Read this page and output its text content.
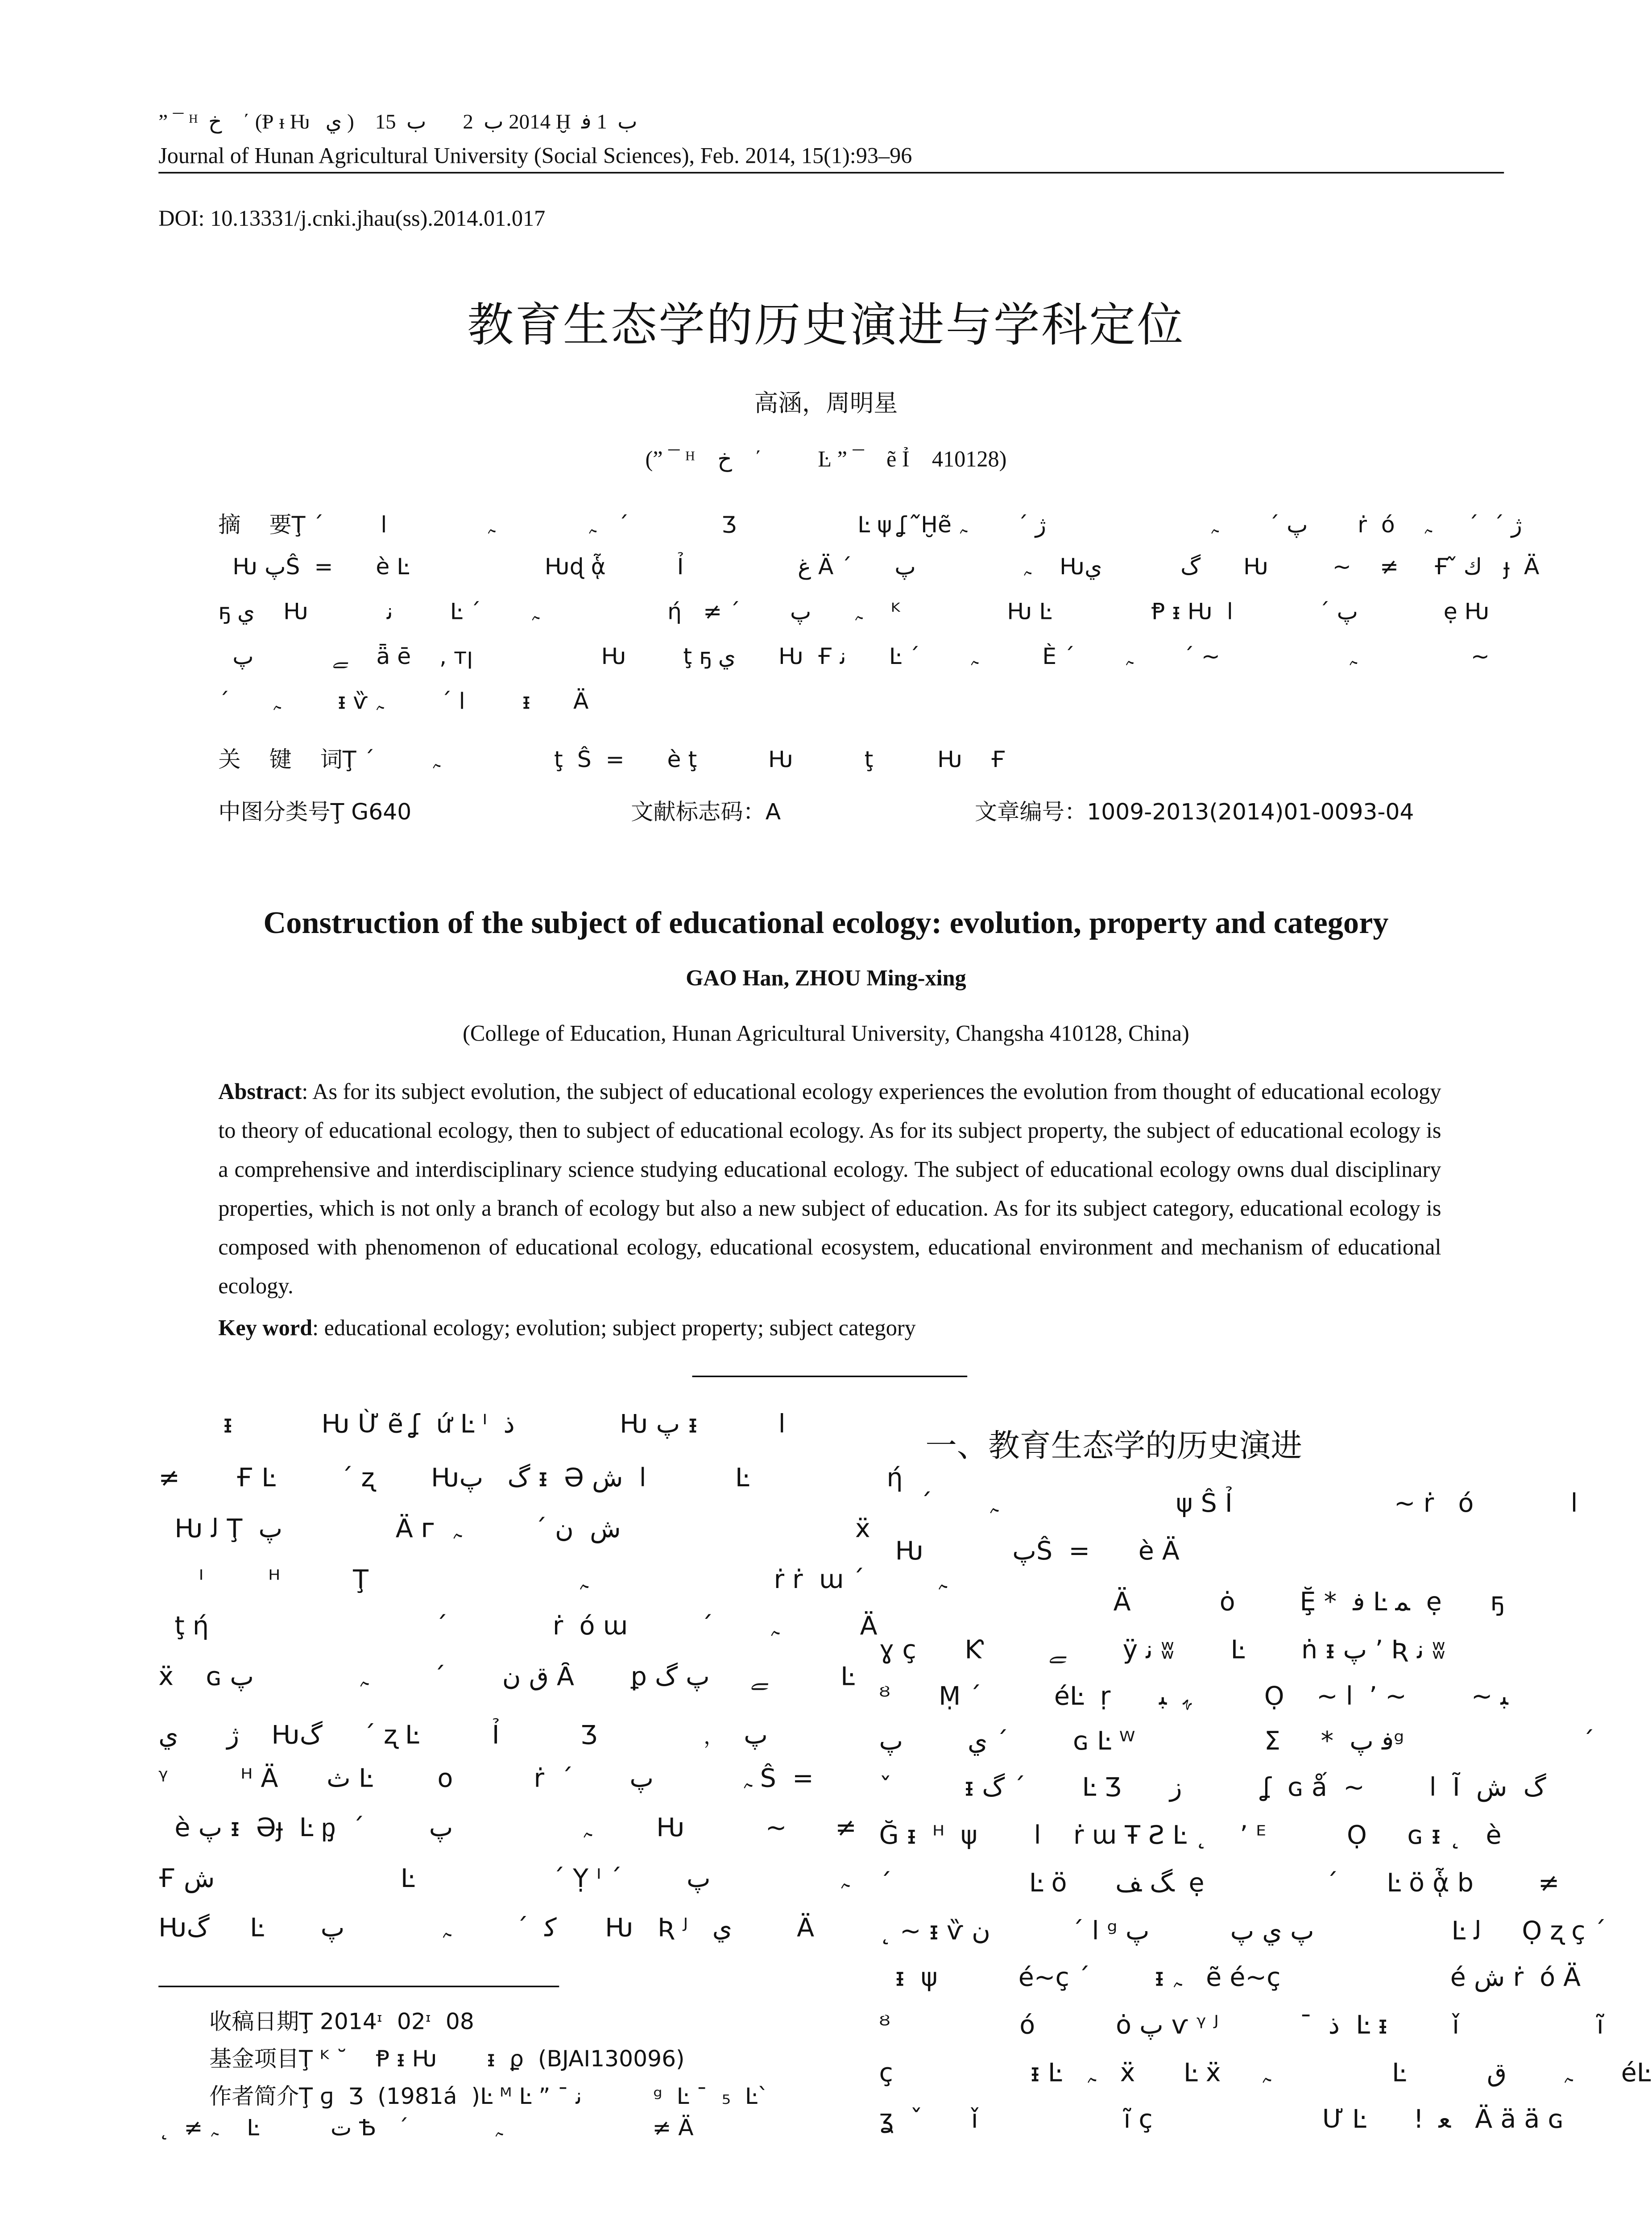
” ¯ ᴴ  ﺥ    ΄ (Ᵽ ᵻ Ƕ   ﻱ )    2014 ﺏ  2       ﺏ  15 Ḫ  ﺏ  1 ﻓ
Journal of Hunan Agricultural University (Social Sciences), Feb. 2014, 15(1):93–96
DOI: 10.13331/j.cnki.jhau(ss).2014.01.017
教育生态学的历史演进与学科定位
高涵，周明星
(” ¯ ᴴ    ﺥ    ΄          Ŀ ” ¯    ẽ Ỉ    410128)
摘    要Ţ ΄        ﮧ             ﮧ              ﺍ   ΄             Ʒ                 Ŀ ψ ʆ  ᷉Ḫẽ ﭖ ΄       ﮧ                       ژ ΄       ﮧ       ṙ  ó    ژ ΄  ΄     ﮧ
Ƕ ﭖŜ  =      è Ŀ                   Ƕɖ ᾇ          Ỉ                ﻍ Ä ΄      ﮧ               ﭖ    Ƕگ           ﻱ      Ƕ         ~    ≠     Ғ ᷉ ﻙ   ɟ  Ä
ҕ ﻱ    Ƕ           ﻧ        Ŀ ΄       ﮧ                  ή   ≠ ΄       ﮧ      ﭖ    ᴷ               Ƕ Ŀ              Ᵽ ᵻ Ƕ  ﭖ ΄            ﺍ            ẹ Ƕ
ﮯ           ﭖ    ǟ ē    , ᴛן                  Ƕ        ţ ҕ ﻱ      Ƕ  Ғ ﻧ      Ŀ ΄       ﮧ         È ΄       ﮧ                  ~ ΄       ﮧ                ~
΄      ﮧ        ᵻ ѷ ﺍ ΄        ﮧ        ᵻ      Ä
关    键    词Ţ ΄        ﮧ                ţ  Ŝ  =      è ţ          Ƕ          ţ         Ƕ    Ғ
中图分类号Ţ G640	文献标志码：A	文章编号：1009-2013(2014)01-0093-04
Construction of the subject of educational ecology: evolution, property and category
GAO Han, ZHOU Ming-xing
(College of Education, Hunan Agricultural University, Changsha 410128, China)
Abstract: As for its subject evolution, the subject of educational ecology experiences the evolution from thought of educational ecology to theory of educational ecology, then to subject of educational ecology. As for its subject property, the subject of educational ecology is a comprehensive and interdisciplinary science studying educational ecology. The subject of educational ecology owns dual disciplinary properties, which is not only a branch of ecology but also a new subject of education. As for its subject category, educational ecology is composed with phenomenon of educational ecology, educational ecosystem, educational environment and mechanism of educational ecology.
Key word: educational ecology; evolution; subject property; subject category
ᵻ           Ƕ Ừ ẽ ʆ  ứ Ŀ ᴵ  ﺫ             Ƕ ﭖ ᵻ          ﺍ
≠       Ғ Ŀ        ΄ ʐ       Ƕگ   ﭖ ᵻ  Ə ﺍ  ﺵ           Ŀ                 ή
Ƕ ﻟ Ţ  ﭖ              Ä ᴦ  ﺵ  ﻥ ΄         ﮧ                             ẍ
ᴵ        ᴴ         Ţ                          ﮧ                       ṙ ṙ  ɯ ΄         ﮧ
ţ ή                            ΄             ṙ  ó ɯ         ΄       ﮧ          Ä
ẍ    ɢ ﻕ ﻥ       ΄        ﮧ             ﭖ Ȃ       ꝑ ﮯ     ﭖ ﮒ         Ŀ
ژ      ﻱ    Ƕگ     ΄ ʐ Ŀ         Ỉ          Ʒ            ﹐   ﭖ
ᵞ         ᴴ Ä      ﺙ Ŀ        ᴏ          ṙ  ΄       ﮧ           ﭖ Ŝ  =
è ﭖ ᵻ  Əɟ  Ŀ ᶈ  ΄        ﮧ                ﭖ        Ƕ          ~      ≠
Ғ ﺵ                       Ŀ                 ΄ Ỵ ᴵ ΄        ﮧ                ﭖ
Ƕگ     Ŀ       ﮐ  ΄        ﮧ            ﭖ      Ƕ   Ʀ ᴶ   ﻱ        Ä
一、教育生态学的历史演进
΄       ﮧ                      ψ Ŝ Ỉ                    ~ ṙ   ó            ﺍ
Ƕ           ﭖŜ  =      è Ä
Ä           ȯ        Ḝ *  ﻓ Ŀ ﻤ  ẹ      ҕ
ɣ ç      Ƙ        ﮯ       ÿ ﻧ ʬ       Ŀ       ṅ ᵻ ﭖ ’ Ʀ ﻧ ʬ
ᴽ      Ṃ ΄         éĿ  ṛ      ﮩ  ﺒ         Ọ    ~ ﺒ ~        ~ ’  ﺍ
ﻱ        ﭖ ΄        ɢ Ŀ ᵂ                Σ     *  ﻓ ﭖᵍ                      ΄
ˇ         ᵻ ﮒ ΄       Ŀ Ʒ      ﺯ          ʆ  ɢ ǻ  ~        ﺍ  Ĩ  ﮒ  ﺵ
Ğ ᵻ  ᴴ  ψ       ﺍ    ṙ ɯ Ŧ Ƨ Ŀ ˛    ’ ᴱ          Ọ     ɢ ᵻ ˛   è
΄                 Ŀ ö      ﮓ ﻒ  ẹ               ΄      Ŀ ö ᾇ b        ≠
˛ ~ ᵻ ѷ ﺍ ΄          ﻥ ᵍ ﭖ ﻱ ﭖ          ﭖ                 Ŀ ﻟ     Ọ ʐ ç ΄
ᵻ  ψ          é~ç ΄        ᵻ ﮧ   ẽ é~ç                     é ﺵ ṙ  ó Ä
ᴽ                ó          ȯ ﭖ ѵ ᵞ ᴶ          ¯  ﺫ  Ŀ ᵻ        ǐ                 ĩ
ç                 ᵻ Ŀ   ﮧ   ẍ      Ŀ ẍ     ﮧ               Ŀ          ﮧ       ﻕ      éĿ
ʓ  ˇ      ǐ                  ĩ ç                     Ư Ŀ      ǃ  ﻌ   Ä ä ä ɢ
收稿日期Ţ 2014ᶦ  02ᶦ  08
基金项目Ţ ᴷ ˘    Ᵽ ᵻ Ƕ       ᵻ  ϼ  (BJAI130096)
作者简介Ţ ɡ  Ʒ  (1981á  )Ŀ ᴹ Ŀ ” ¯ ﻧ          ᵍ  Ŀ ¯  ₅  Ŀ`
˛  ≠ ﮧ    Ŀ          ﺕ Ѣ   ΄            ﮧ                     ≠ Ä
